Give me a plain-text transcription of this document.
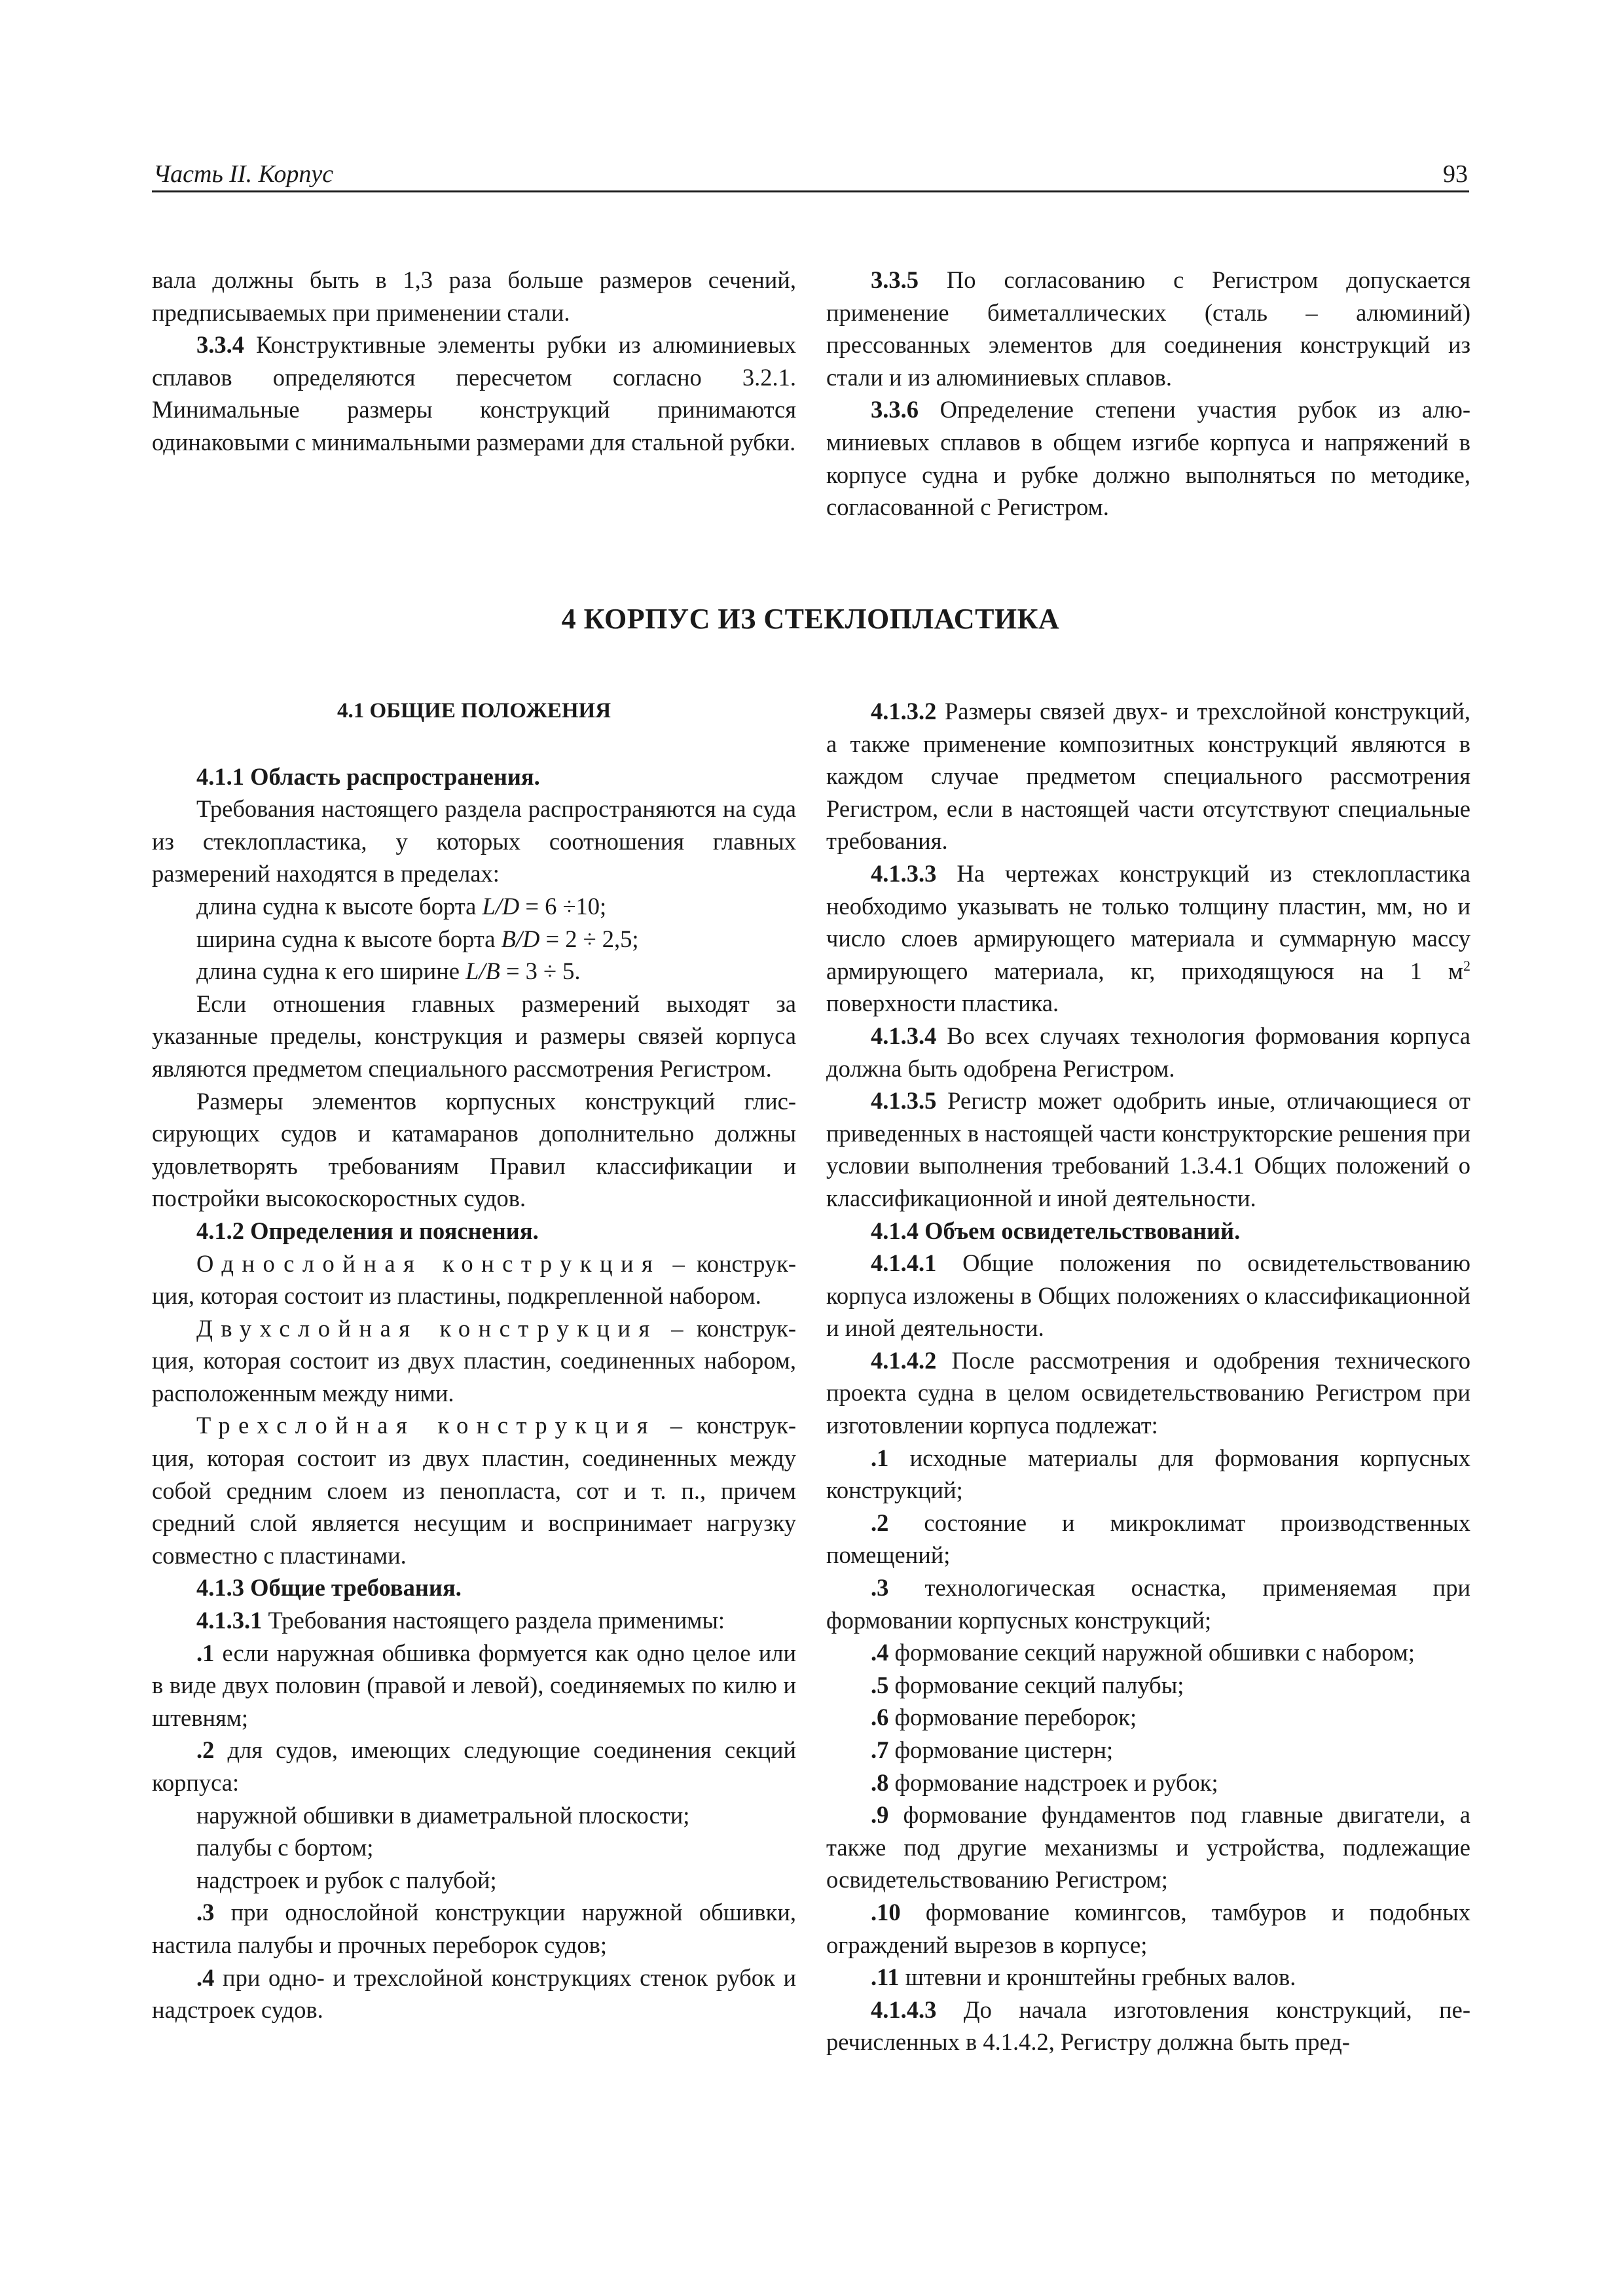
Часть II. Корпус	93

вала должны быть в 1,3 раза больше размеров сечений, предписываемых при применении стали.

3.3.4 Конструктивные элементы рубки из алюминиевых сплавов определяются пересчетом согласно 3.2.1. Минимальные размеры конструкций принимаются одинаковыми с минимальными размерами для стальной рубки.

3.3.5 По согласованию с Регистром допускается применение биметаллических (сталь – алюминий) прессованных элементов для соединения конструкций из стали и из алюминиевых сплавов.

3.3.6 Определение степени участия рубок из алюминиевых сплавов в общем изгибе корпуса и напряжений в корпусе судна и рубке должно выполняться по методике, согласованной с Регистром.

4 КОРПУС ИЗ СТЕКЛОПЛАСТИКА

4.1 ОБЩИЕ ПОЛОЖЕНИЯ

4.1.1 Область распространения.

Требования настоящего раздела распространяются на суда из стеклопластика, у которых соотношения главных размерений находятся в пределах:

длина судна к высоте борта L/D = 6 ÷10;

ширина судна к высоте борта B/D = 2 ÷ 2,5;

длина судна к его ширине L/B = 3 ÷ 5.

Если отношения главных размерений выходят за указанные пределы, конструкция и размеры связей корпуса являются предметом специального рассмотрения Регистром.

Размеры элементов корпусных конструкций глиссирующих судов и катамаранов дополнительно должны удовлетворять требованиям Правил классификации и постройки высокоскоростных судов.

4.1.2 Определения и пояснения.

Однослойная конструкция – конструкция, которая состоит из пластины, подкрепленной набором.

Двухслойная конструкция – конструкция, которая состоит из двух пластин, соединенных набором, расположенным между ними.

Трехслойная конструкция – конструкция, которая состоит из двух пластин, соединенных между собой средним слоем из пенопласта, сот и т. п., причем средний слой является несущим и воспринимает нагрузку совместно с пластинами.

4.1.3 Общие требования.

4.1.3.1 Требования настоящего раздела применимы:

.1 если наружная обшивка формуется как одно целое или в виде двух половин (правой и левой), соединяемых по килю и штевням;

.2 для судов, имеющих следующие соединения секций корпуса:

наружной обшивки в диаметральной плоскости;

палубы с бортом;

надстроек и рубок с палубой;

.3 при однослойной конструкции наружной обшивки, настила палубы и прочных переборок судов;

.4 при одно- и трехслойной конструкциях стенок рубок и надстроек судов.

4.1.3.2 Размеры связей двух- и трехслойной конструкций, а также применение композитных конструкций являются в каждом случае предметом специального рассмотрения Регистром, если в настоящей части отсутствуют специальные требования.

4.1.3.3 На чертежах конструкций из стеклопластика необходимо указывать не только толщину пластин, мм, но и число слоев армирующего материала и суммарную массу армирующего материала, кг, приходящуюся на 1 $м^2$ поверхности пластика.

4.1.3.4 Во всех случаях технология формования корпуса должна быть одобрена Регистром.

4.1.3.5 Регистр может одобрить иные, отличающиеся от приведенных в настоящей части конструкторские решения при условии выполнения требований 1.3.4.1 Общих положений о классификационной и иной деятельности.

4.1.4 Объем освидетельствований.

4.1.4.1 Общие положения по освидетельствованию корпуса изложены в Общих положениях о классификационной и иной деятельности.

4.1.4.2 После рассмотрения и одобрения технического проекта судна в целом освидетельствованию Регистром при изготовлении корпуса подлежат:

.1 исходные материалы для формования корпусных конструкций;

.2 состояние и микроклимат производственных помещений;

.3 технологическая оснастка, применяемая при формовании корпусных конструкций;

.4 формование секций наружной обшивки с набором;

.5 формование секций палубы;

.6 формование переборок;

.7 формование цистерн;

.8 формование надстроек и рубок;

.9 формование фундаментов под главные двигатели, а также под другие механизмы и устройства, подлежащие освидетельствованию Регистром;

.10 формование комингсов, тамбуров и подобных ограждений вырезов в корпусе;

.11 штевни и кронштейны гребных валов.

4.1.4.3 До начала изготовления конструкций, перечисленных в 4.1.4.2, Регистру должна быть пред-
